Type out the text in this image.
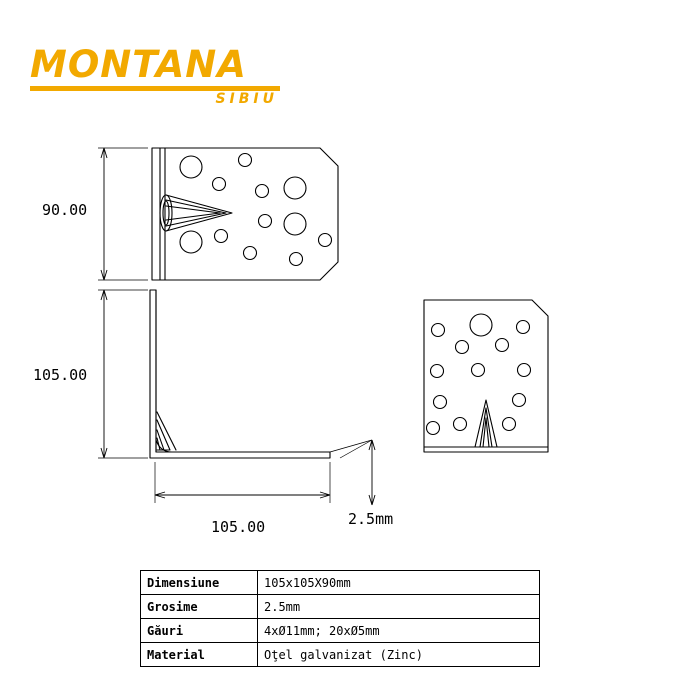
MONTANA
SIBIU
90.00
105.00
105.00	2.5mm
Dimensiune	105x105X90mm
Grosime	2.5mm
Găuri	4xØ11mm; 20xØ5mm
Material	Oţel galvanizat (Zinc)
